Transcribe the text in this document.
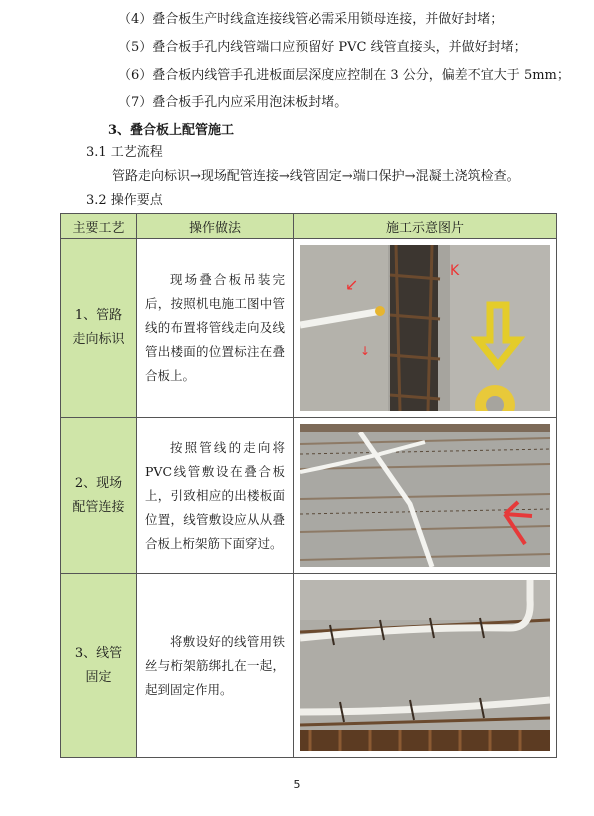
（4）叠合板生产时线盒连接线管必需采用锁母连接，并做好封堵；
（5）叠合板手孔内线管端口应预留好 PVC 线管直接头，并做好封堵；
（6）叠合板内线管手孔进板面层深度应控制在 3 公分，偏差不宜大于 5mm；
（7）叠合板手孔内应采用泡沫板封堵。
3、叠合板上配管施工
3.1 工艺流程
管路走向标识→现场配管连接→线管固定→端口保护→混凝土浇筑检查。
3.2 操作要点
主要工艺	操作做法	施工示意图片
1、管路走向标识	现场叠合板吊装完后，按照机电施工图中管线的布置将管线走向及线管出楼面的位置标注在叠合板上。	↙
K
↓

2、现场配管连接	按照管线的走向将PVC线管敷设在叠合板上，引致相应的出楼板面位置，线管敷设应从从叠合板上桁架筋下面穿过。	

3、线管固定	将敷设好的线管用铁丝与桁架筋绑扎在一起，起到固定作用。	
5
